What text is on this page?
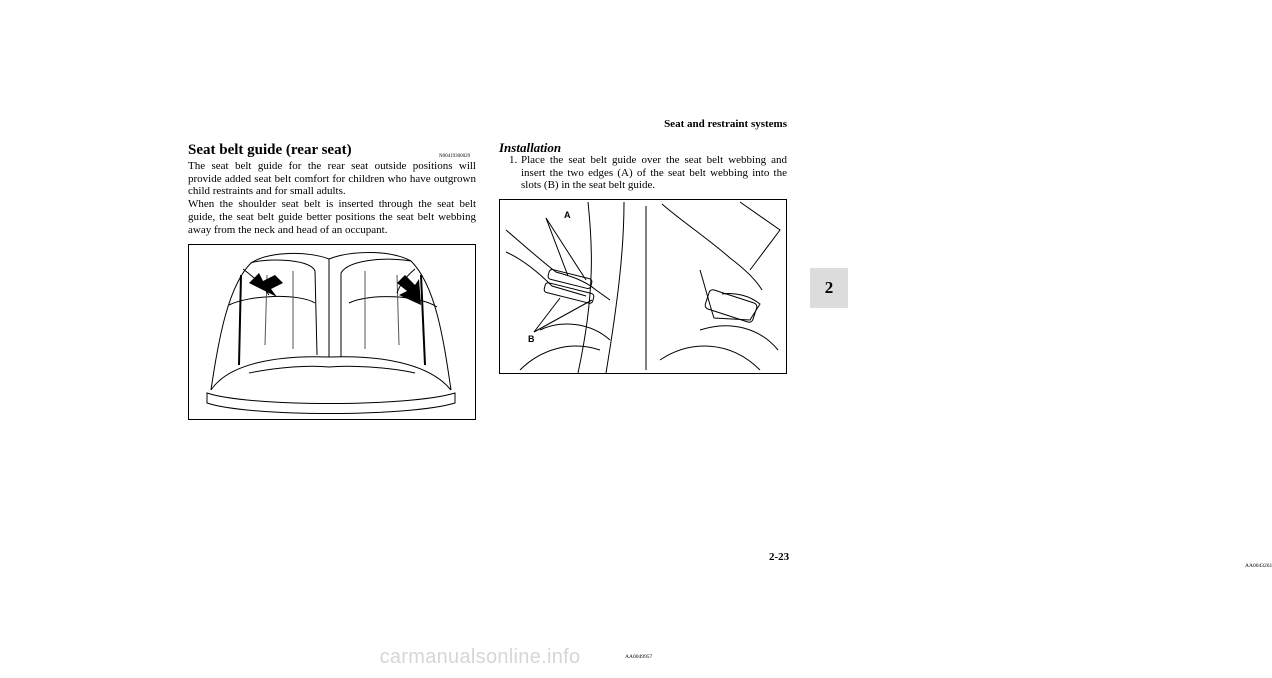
Seat and restraint systems
2
Seat belt guide (rear seat)	N00419300029

The seat belt guide for the rear seat outside positions will provide added seat belt comfort for children who have outgrown child restraints and for small adults.

When the shoulder seat belt is inserted through the seat belt guide, the seat belt guide better positions the seat belt webbing away from the neck and head of an occupant.

AA0049957
Installation
1. Place the seat belt guide over the seat belt webbing and insert the two edges (A) of the seat belt webbing into the slots (B) in the seat belt guide.
A
B
AA0043261
2-23
carmanualsonline.info
